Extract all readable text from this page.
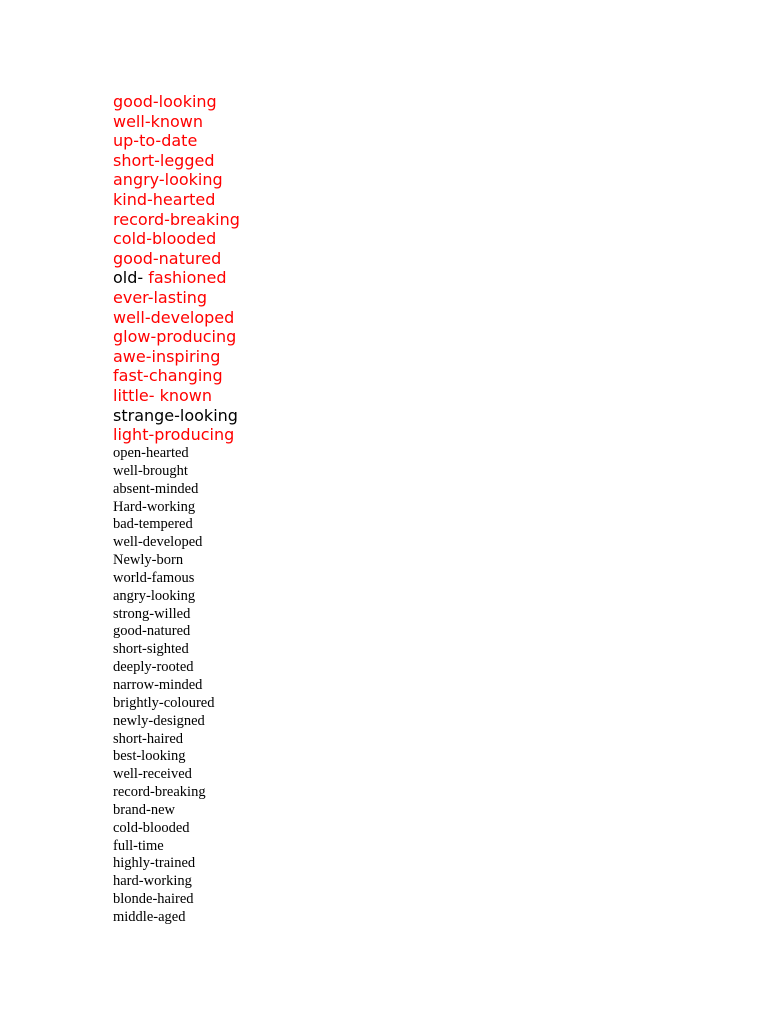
good-looking
well-known
up-to-date
short-legged
angry-looking
kind-hearted
record-breaking
cold-blooded
good-natured
old- fashioned
ever-lasting
well-developed
glow-producing
awe-inspiring
fast-changing
little- known
strange-looking
light-producing
open-hearted
well-brought
absent-minded
Hard-working
bad-tempered
well-developed
Newly-born
world-famous
angry-looking
strong-willed
good-natured
short-sighted
deeply-rooted
narrow-minded
brightly-coloured
newly-designed
short-haired
best-looking
well-received
record-breaking
brand-new
cold-blooded
full-time
highly-trained
hard-working
blonde-haired
middle-aged
